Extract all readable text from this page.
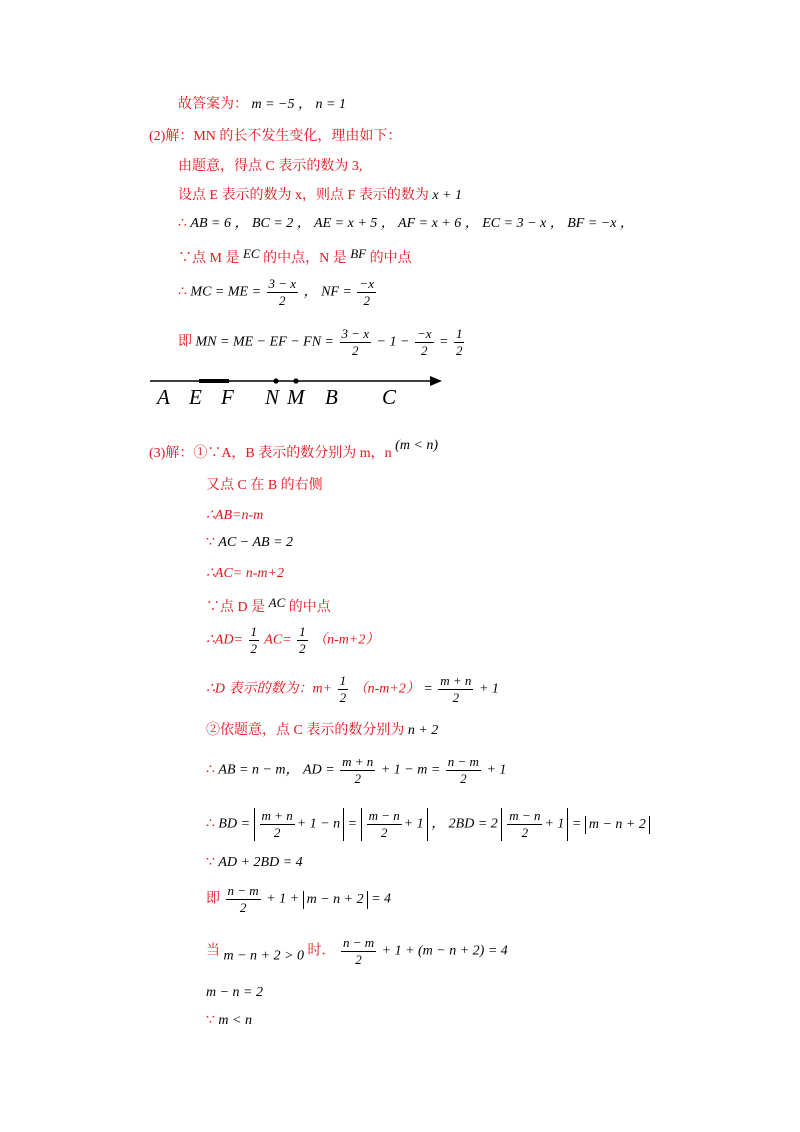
故答案为： m = −5 ， n = 1
(2)解：MN 的长不发生变化，理由如下：
由题意，得点 C 表示的数为 3,
设点 E 表示的数为 x，则点 F 表示的数为 x + 1
∴ AB = 6 ， BC = 2 ， AE = x + 5 ， AF = x + 6 ， EC = 3 − x ， BF = −x ，
∵点 M 是 EC 的中点，N 是 BF 的中点
∴ MC = ME = $\frac{3 - x}{2}$ ， NF = $\frac{-x}{2}$
即 MN = ME − EF − FN = $\frac{3 - x}{2} - 1 - \frac{-x}{2} = \frac{1}{2}$
A E F N M B C
(3)解：①∵A，B 表示的数分别为 m，n (m < n)
又点 C 在 B 的右侧
∴AB=n-m
∵ AC − AB = 2
∴AC= n-m+2
∵点 D 是 AC 的中点
∴AD= $\frac{1}{2} AC= \frac{1}{2} (n-m+2)$
∴D 表示的数为：$m+ \frac{1}{2} (n-m+2) = \frac{m + n}{2} + 1$
②依题意，点 C 表示的数分别为 n + 2
∴ AB = n − m， AD = $\frac{m + n}{2} + 1 - m = \frac{n - m}{2} + 1$
∴ BD = $\frac{m + n}{2} + 1 - n = \frac{m - n}{2} + 1$ ， $2BD = 2 \frac{m - n}{2} + 1 = m - n + 2$
∵ AD + 2BD = 4
即 $\frac{n - m}{2} + 1 + m - n + 2 = 4$
当 m − n + 2 > 0 时． $\frac{n - m}{2} + 1 + (m - n + 2) = 4$
m − n = 2
∵ m < n
